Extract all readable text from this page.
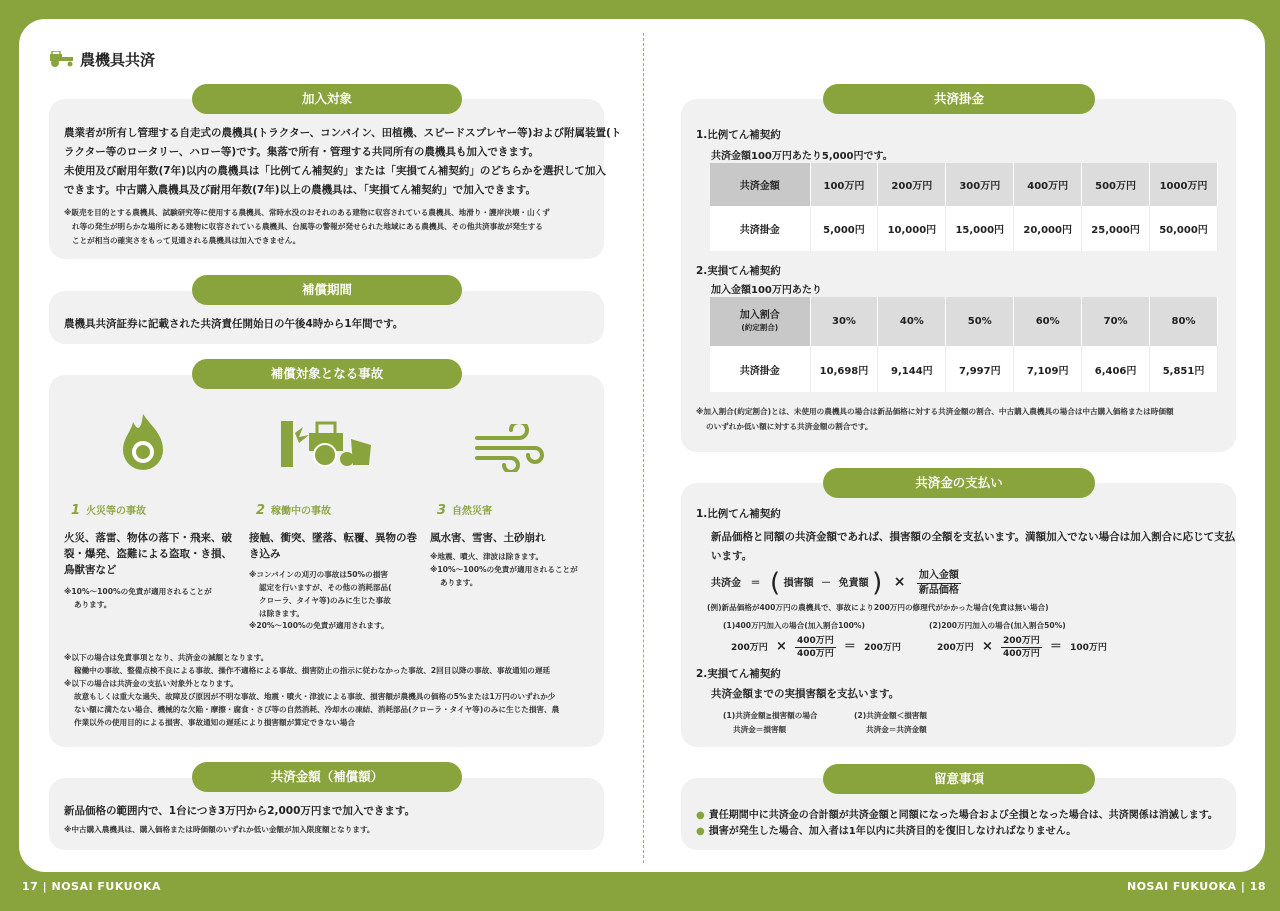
農機具共済
加入対象
農業者が所有し管理する自走式の農機具(トラクター、コンバイン、田植機、スピードスプレヤー等)および附属装置(ト
ラクター等のロータリー、ハロー等)です。集落で所有・管理する共同所有の農機具も加入できます。
未使用及び耐用年数(7年)以内の農機具は「比例てん補契約」または「実損てん補契約」のどちらかを選択して加入
できます。中古購入農機具及び耐用年数(7年)以上の農機具は、「実損てん補契約」で加入できます。
※販売を目的とする農機具、試験研究等に使用する農機具、常時水没のおそれのある建物に収容されている農機具、地滑り・護岸決壊・山くず
れ等の発生が明らかな場所にある建物に収容されている農機具、台風等の警報が発せられた地域にある農機具、その他共済事故が発生する
ことが相当の確実さをもって見通される農機具は加入できません。
補償期間
農機具共済証券に記載された共済責任開始日の午後4時から1年間です。
補償対象となる事故
1 火災等の事故
火災、落雷、物体の落下・飛来、破
裂・爆発、盗難による盗取・き損、
鳥獣害など
※10%〜100%の免責が適用されることが
あります。
2 稼働中の事故
接触、衝突、墜落、転覆、異物の巻
き込み
※コンバインの刈刃の事故は50%の損害
認定を行いますが、その他の消耗部品(
クローラ、タイヤ等)のみに生じた事故
は除きます。
※20%〜100%の免責が適用されます。
3 自然災害
風水害、雪害、土砂崩れ
※地震、噴火、津波は除きます。
※10%〜100%の免責が適用されることが
あります。
※以下の場合は免責事項となり、共済金の減額となります。
稼働中の事故、整備点検不良による事故、操作不適格による事故、損害防止の指示に従わなかった事故、2回目以降の事故、事故通知の遅延
※以下の場合は共済金の支払い対象外となります。
故意もしくは重大な過失、故障及び原因が不明な事故、地震・噴火・津波による事故、損害額が農機具の価格の5%または1万円のいずれか少
ない額に満たない場合、機械的な欠陥・摩擦・腐食・さび等の自然消耗、冷却水の凍結、消耗部品(クローラ・タイヤ等)のみに生じた損害、農
作業以外の使用目的による損害、事故通知の遅延により損害額が算定できない場合
共済金額（補償額）
新品価格の範囲内で、1台につき3万円から2,000万円まで加入できます。
※中古購入農機具は、購入価格または時価額のいずれか低い金額が加入限度額となります。
共済掛金
1.比例てん補契約
共済金額100万円あたり5,000円です。
共済金額	100万円	200万円	300万円	400万円	500万円	1000万円
共済掛金	5,000円	10,000円	15,000円	20,000円	25,000円	50,000円
2.実損てん補契約
加入金額100万円あたり
加入割合
(約定割合)	30%	40%	50%	60%	70%	80%
共済掛金	10,698円	9,144円	7,997円	7,109円	6,406円	5,851円
※加入割合(約定割合)とは、未使用の農機具の場合は新品価格に対する共済金額の割合、中古購入農機具の場合は中古購入価格または時価額
のいずれか低い額に対する共済金額の割合です。
共済金の支払い
1.比例てん補契約
新品価格と同額の共済金額であれば、損害額の全額を支払います。満額加入でない場合は加入割合に応じて支払
います。
共済金 ＝ ( 損害額 － 免責額 ) × $\frac{\text{加入金額}}{\text{新品価格}}$
(例)新品価格が400万円の農機具で、事故により200万円の修理代がかかった場合(免責は無い場合)
(1)400万円加入の場合(加入割合100%)	(2)200万円加入の場合(加入割合50%)
200万円 × $\frac{\text{400万円}}{\text{400万円}} = 200$万円	200万円 × $\frac{\text{200万円}}{\text{400万円}} = 100$万円
2.実損てん補契約
共済金額までの実損害額を支払います。
(1)共済金額≧損害額の場合
共済金＝損害額
(2)共済金額＜損害額
共済金＝共済金額
留意事項
● 責任期間中に共済金の合計額が共済金額と同額になった場合および全損となった場合は、共済関係は消滅します。
● 損害が発生した場合、加入者は1年以内に共済目的を復旧しなければなりません。
17 | NOSAI FUKUOKA	NOSAI FUKUOKA | 18
